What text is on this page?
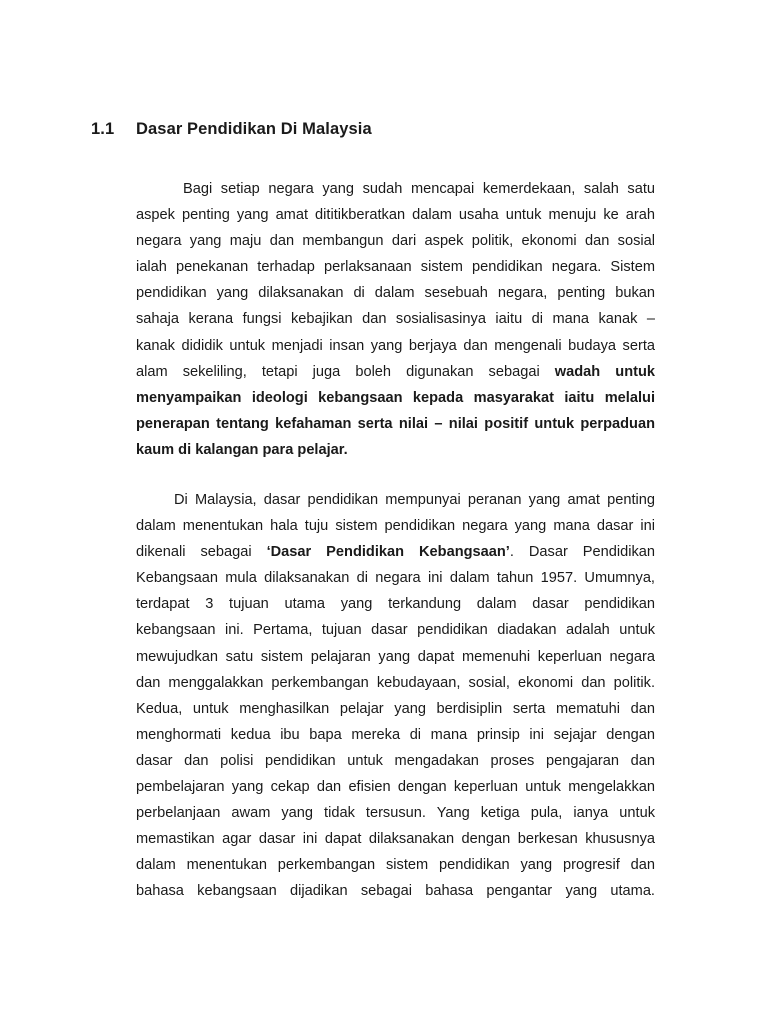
1.1 Dasar Pendidikan Di Malaysia
Bagi setiap negara yang sudah mencapai kemerdekaan, salah satu
aspek penting yang amat dititikberatkan dalam usaha untuk menuju ke arah
negara yang maju dan membangun dari aspek politik, ekonomi dan sosial
ialah penekanan terhadap perlaksanaan sistem pendidikan negara. Sistem
pendidikan yang dilaksanakan di dalam sesebuah negara, penting bukan
sahaja kerana fungsi kebajikan dan sosialisasinya iaitu di mana kanak –
kanak dididik untuk menjadi insan yang berjaya dan mengenali budaya serta
alam sekeliling, tetapi juga boleh digunakan sebagai wadah untuk
menyampaikan ideologi kebangsaan kepada masyarakat iaitu melalui
penerapan tentang kefahaman serta nilai – nilai positif untuk perpaduan
kaum di kalangan para pelajar.
Di Malaysia, dasar pendidikan mempunyai peranan yang amat penting
dalam menentukan hala tuju sistem pendidikan negara yang mana dasar ini
dikenali sebagai ‘Dasar Pendidikan Kebangsaan’. Dasar Pendidikan
Kebangsaan mula dilaksanakan di negara ini dalam tahun 1957. Umumnya,
terdapat 3 tujuan utama yang terkandung dalam dasar pendidikan
kebangsaan ini. Pertama, tujuan dasar pendidikan diadakan adalah untuk
mewujudkan satu sistem pelajaran yang dapat memenuhi keperluan negara
dan menggalakkan perkembangan kebudayaan, sosial, ekonomi dan politik.
Kedua, untuk menghasilkan pelajar yang berdisiplin serta mematuhi dan
menghormati kedua ibu bapa mereka di mana prinsip ini sejajar dengan
dasar dan polisi pendidikan untuk mengadakan proses pengajaran dan
pembelajaran yang cekap dan efisien dengan keperluan untuk mengelakkan
perbelanjaan awam yang tidak tersusun. Yang ketiga pula, ianya untuk
memastikan agar dasar ini dapat dilaksanakan dengan berkesan khususnya
dalam menentukan perkembangan sistem pendidikan yang progresif dan
bahasa kebangsaan dijadikan sebagai bahasa pengantar yang utama.
